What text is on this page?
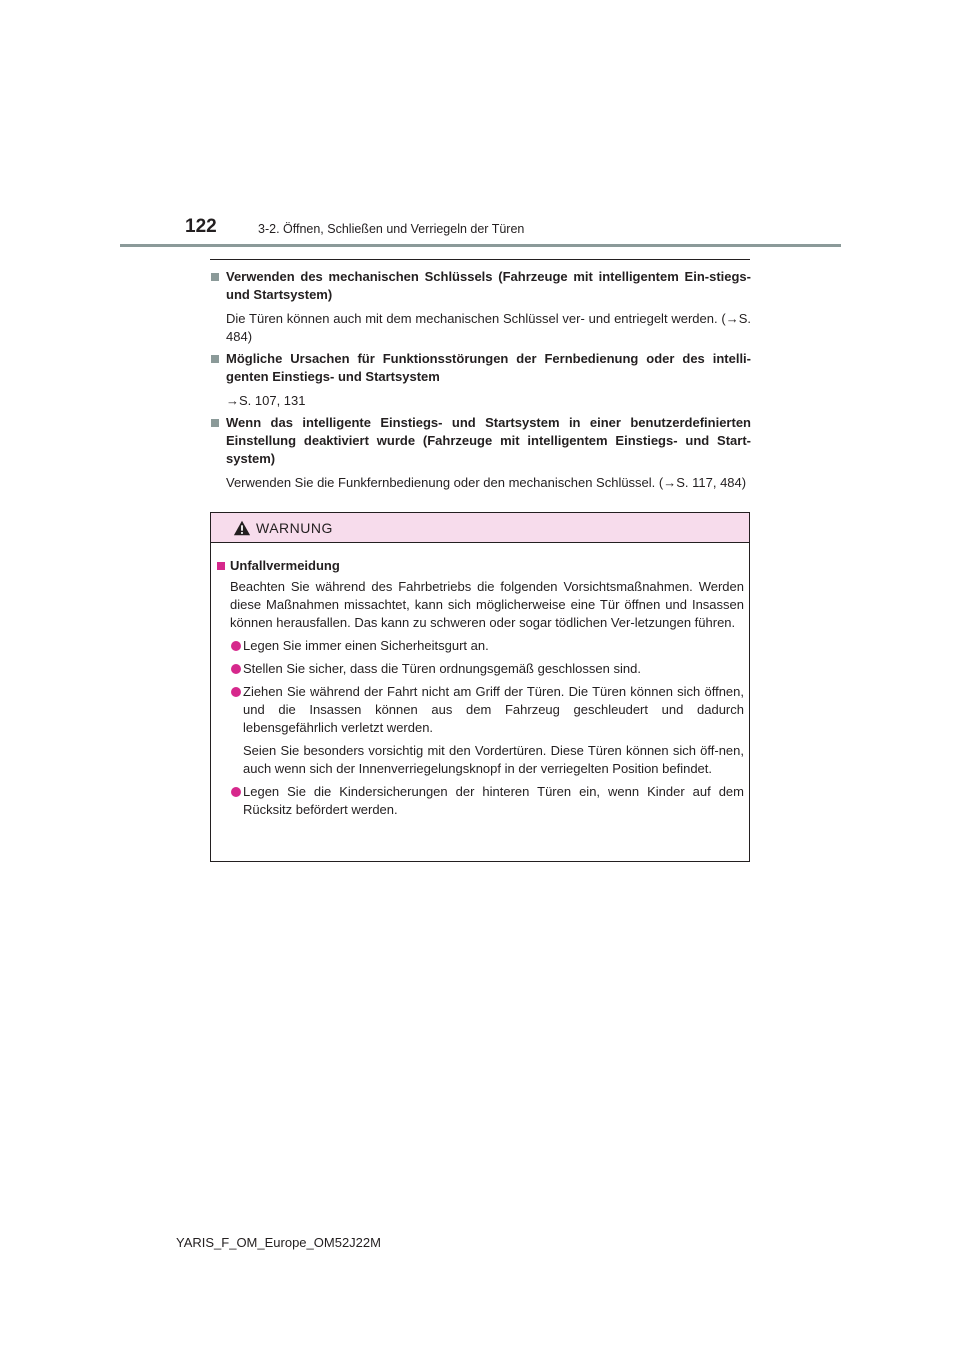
122	3-2. Öffnen, Schließen und Verriegeln der Türen
Verwenden des mechanischen Schlüssels (Fahrzeuge mit intelligentem Ein-stiegs- und Startsystem)
Die Türen können auch mit dem mechanischen Schlüssel ver- und entriegelt werden. (→S. 484)
Mögliche Ursachen für Funktionsstörungen der Fernbedienung oder des intelli-genten Einstiegs- und Startsystem
→S. 107, 131
Wenn das intelligente Einstiegs- und Startsystem in einer benutzerdefinierten Einstellung deaktiviert wurde (Fahrzeuge mit intelligentem Einstiegs- und Start-system)
Verwenden Sie die Funkfernbedienung oder den mechanischen Schlüssel. (→S. 117, 484)
WARNUNG
Unfallvermeidung
Beachten Sie während des Fahrbetriebs die folgenden Vorsichtsmaßnahmen. Werden diese Maßnahmen missachtet, kann sich möglicherweise eine Tür öffnen und Insassen können herausfallen. Das kann zu schweren oder sogar tödlichen Ver-letzungen führen.
Legen Sie immer einen Sicherheitsgurt an.
Stellen Sie sicher, dass die Türen ordnungsgemäß geschlossen sind.
Ziehen Sie während der Fahrt nicht am Griff der Türen. Die Türen können sich öffnen, und die Insassen können aus dem Fahrzeug geschleudert und dadurch lebensgefährlich verletzt werden.
Seien Sie besonders vorsichtig mit den Vordertüren. Diese Türen können sich öff-nen, auch wenn sich der Innenverriegelungsknopf in der verriegelten Position befindet.
Legen Sie die Kindersicherungen der hinteren Türen ein, wenn Kinder auf dem Rücksitz befördert werden.
YARIS_F_OM_Europe_OM52J22M
